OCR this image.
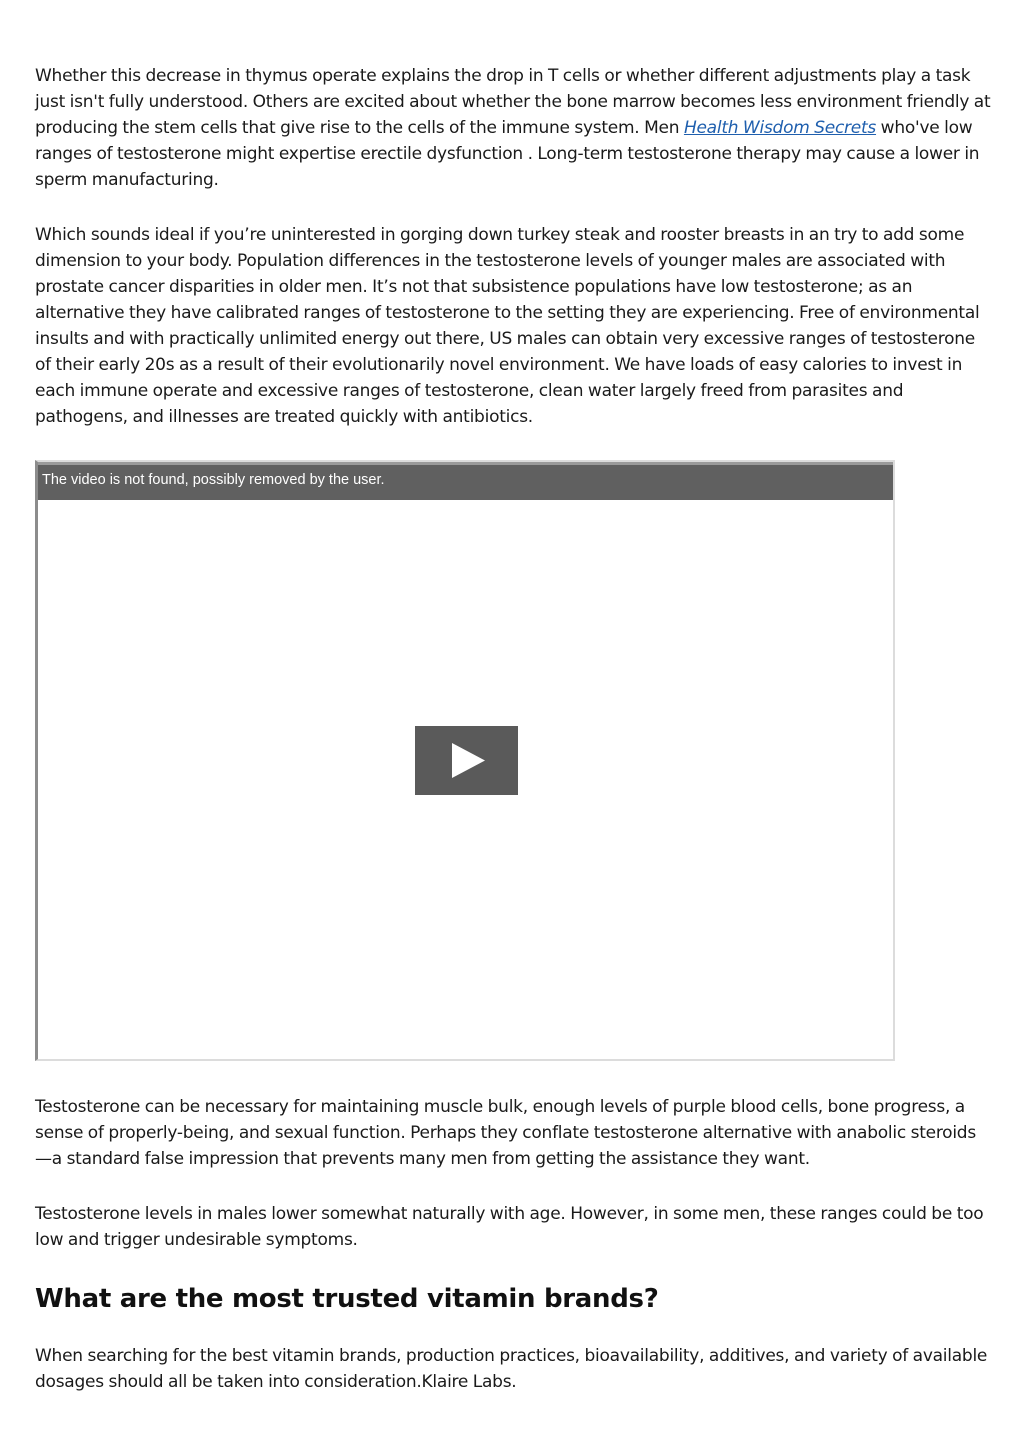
Whether this decrease in thymus operate explains the drop in T cells or whether different adjustments play a task just isn't fully understood. Others are excited about whether the bone marrow becomes less environment friendly at producing the stem cells that give rise to the cells of the immune system. Men Health Wisdom Secrets who've low ranges of testosterone might expertise erectile dysfunction . Long-term testosterone therapy may cause a lower in sperm manufacturing.

Which sounds ideal if you’re uninterested in gorging down turkey steak and rooster breasts in an try to add some dimension to your body. Population differences in the testosterone levels of younger males are associated with prostate cancer disparities in older men. It’s not that subsistence populations have low testosterone; as an alternative they have calibrated ranges of testosterone to the setting they are experiencing. Free of environmental insults and with practically unlimited energy out there, US males can obtain very excessive ranges of testosterone of their early 20s as a result of their evolutionarily novel environment. We have loads of easy calories to invest in each immune operate and excessive ranges of testosterone, clean water largely freed from parasites and pathogens, and illnesses are treated quickly with antibiotics.

The video is not found, possibly removed by the user.

Testosterone can be necessary for maintaining muscle bulk, enough levels of purple blood cells, bone progress, a sense of properly-being, and sexual function. Perhaps they conflate testosterone alternative with anabolic steroids—a standard false impression that prevents many men from getting the assistance they want.

Testosterone levels in males lower somewhat naturally with age. However, in some men, these ranges could be too low and trigger undesirable symptoms.

What are the most trusted vitamin brands?

When searching for the best vitamin brands, production practices, bioavailability, additives, and variety of available dosages should all be taken into consideration.Klaire Labs.
